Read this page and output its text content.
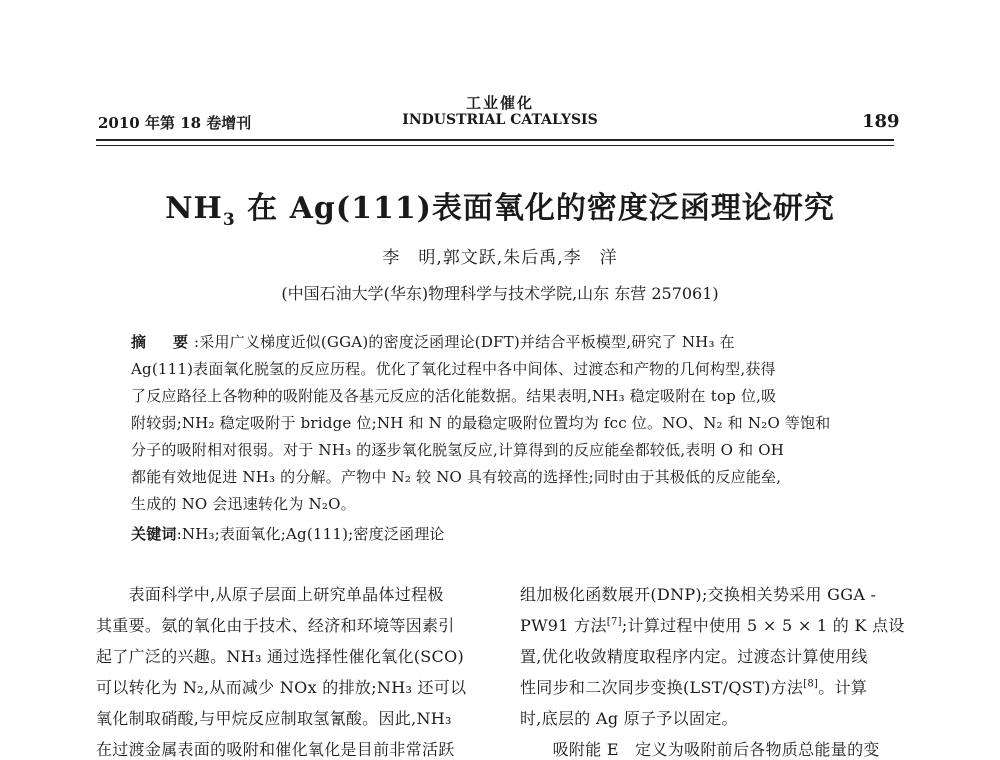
2010 年第 18 卷增刊
工业催化
INDUSTRIAL CATALYSIS	189
$NH_3$ 在 Ag(111)表面氧化的密度泛函理论研究
李　明,郭文跃,朱后禹,李　洋
(中国石油大学(华东)物理科学与技术学院,山东 东营 257061)
摘　要:采用广义梯度近似(GGA)的密度泛函理论(DFT)并结合平板模型,研究了 NH₃ 在
Ag(111)表面氧化脱氢的反应历程。优化了氧化过程中各中间体、过渡态和产物的几何构型,获得
了反应路径上各物种的吸附能及各基元反应的活化能数据。结果表明,NH₃ 稳定吸附在 top 位,吸
附较弱;NH₂ 稳定吸附于 bridge 位;NH 和 N 的最稳定吸附位置均为 fcc 位。NO、N₂ 和 N₂O 等饱和
分子的吸附相对很弱。对于 NH₃ 的逐步氧化脱氢反应,计算得到的反应能垒都较低,表明 O 和 OH
都能有效地促进 NH₃ 的分解。产物中 N₂ 较 NO 具有较高的选择性;同时由于其极低的反应能垒,
生成的 NO 会迅速转化为 N₂O。
关键词:NH₃;表面氧化;Ag(111);密度泛函理论
　　表面科学中,从原子层面上研究单晶体过程极
其重要。氨的氧化由于技术、经济和环境等因素引
起了广泛的兴趣。NH₃ 通过选择性催化氧化(SCO)
可以转化为 N₂,从而减少 NOx 的排放;NH₃ 还可以
氧化制取硝酸,与甲烷反应制取氢氰酸。因此,NH₃
在过渡金属表面的吸附和催化氧化是目前非常活跃
组加极化函数展开(DNP);交换相关势采用 GGA -
PW91 方法[7];计算过程中使用 5 × 5 × 1 的 K 点设
置,优化收敛精度取程序内定。过渡态计算使用线
性同步和二次同步变换(LST/QST)方法[8]。计算
时,底层的 Ag 原子予以固定。
　　吸附能 E　定义为吸附前后各物质总能量的变
